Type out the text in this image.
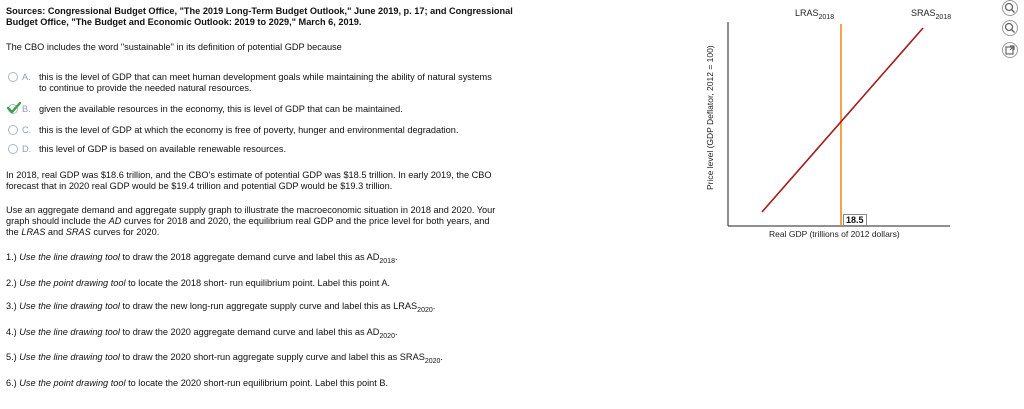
Sources: Congressional Budget Office, "The 2019 Long-Term Budget Outlook," June 2019, p. 17; and Congressional
Budget Office, "The Budget and Economic Outlook: 2019 to 2029," March 6, 2019.
The CBO includes the word "sustainable" in its definition of potential GDP because
A. this is the level of GDP that can meet human development goals while maintaining the ability of natural systems
to continue to provide the needed natural resources.
B. given the available resources in the economy, this is level of GDP that can be maintained.
C. this is the level of GDP at which the economy is free of poverty, hunger and environmental degradation.
D. this level of GDP is based on available renewable resources.
In 2018, real GDP was $18.6 trillion, and the CBO's estimate of potential GDP was $18.5 trillion. In early 2019, the CBO
forecast that in 2020 real GDP would be $19.4 trillion and potential GDP would be $19.3 trillion.
Use an aggregate demand and aggregate supply graph to illustrate the macroeconomic situation in 2018 and 2020. Your
graph should include the AD curves for 2018 and 2020, the equilibrium real GDP and the price level for both years, and
the LRAS and SRAS curves for 2020.
1.) Use the line drawing tool to draw the 2018 aggregate demand curve and label this as $AD_{2018}$.
2.) Use the point drawing tool to locate the 2018 short- run equilibrium point. Label this point A.
3.) Use the line drawing tool to draw the new long-run aggregate supply curve and label this as $LRAS_{2020}$.
4.) Use the line drawing tool to draw the 2020 aggregate demand curve and label this as $AD_{2020}$.
5.) Use the line drawing tool to draw the 2020 short-run aggregate supply curve and label this as $SRAS_{2020}$.
6.) Use the point drawing tool to locate the 2020 short-run equilibrium point. Label this point B.
Price level (GDP Deflator, 2012 = 100)
Real GDP (trillions of 2012 dollars)
$LRAS_{2018}$	$SRAS_{2018}$
18.5
